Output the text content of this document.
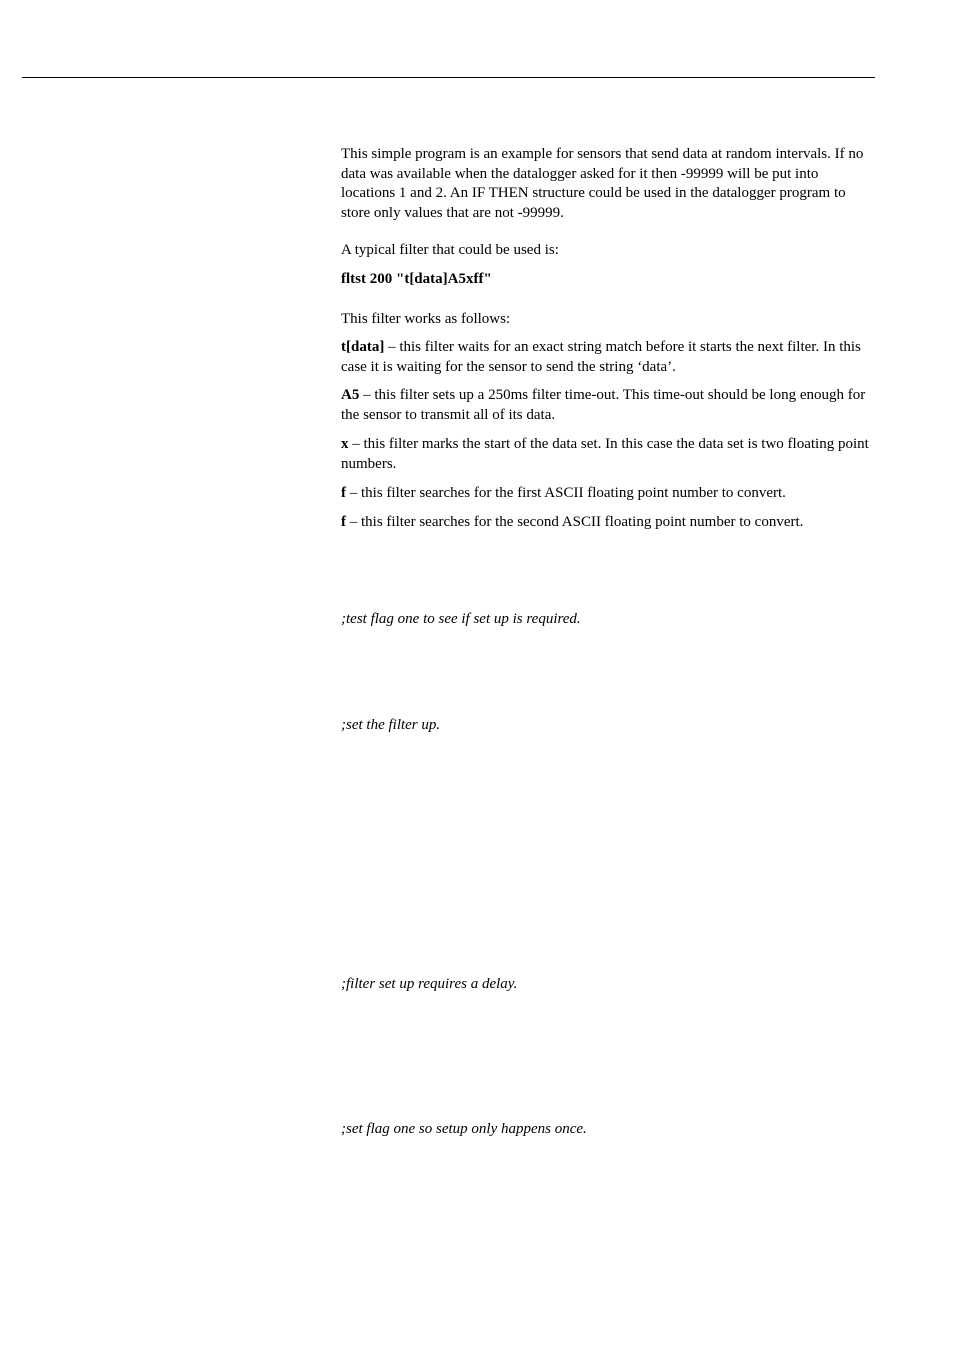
This simple program is an example for sensors that send data at random intervals. If no data was available when the datalogger asked for it then -99999 will be put into locations 1 and 2. An IF THEN structure could be used in the datalogger program to store only values that are not -99999.

A typical filter that could be used is:

fltst 200 "t[data]A5xff"

This filter works as follows:

t[data] – this filter waits for an exact string match before it starts the next filter. In this case it is waiting for the sensor to send the string ‘data’.

A5 – this filter sets up a 250ms filter time-out. This time-out should be long enough for the sensor to transmit all of its data.

x – this filter marks the start of the data set. In this case the data set is two floating point numbers.

f – this filter searches for the first ASCII floating point number to convert.

f – this filter searches for the second ASCII floating point number to convert.

;test flag one to see if set up is required.
;set the filter up.
;filter set up requires a delay.
;set flag one so setup only happens once.
